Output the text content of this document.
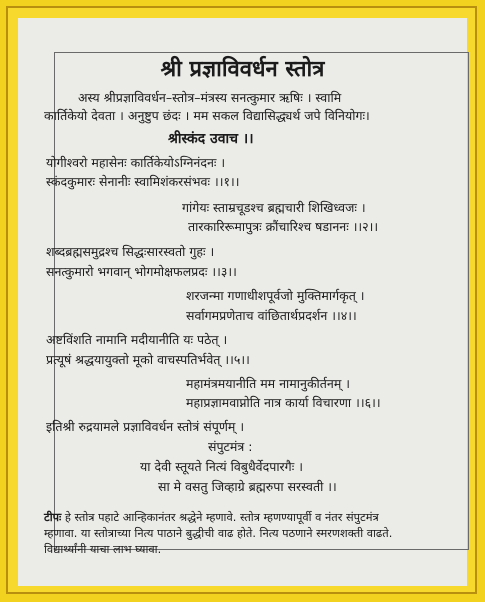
श्री प्रज्ञाविवर्धन स्तोत्र
अस्य श्रीप्रज्ञाविवर्धन–स्तोत्र–मंत्रस्य सनत्कुमार ऋषिः । स्वामि
कार्तिकेयो देवता । अनुष्टुप छंदः । मम सकल विद्यासिद्ध्यर्थ जपे विनियोगः।
श्रीस्कंद उवाच ।।
योगीश्वरो महासेनः कार्तिकेयोऽग्निनंदनः ।
स्कंदकुमारः सेनानीः स्वामिशंकरसंभवः ।।१।।
गांगेयः स्ताम्रचूडश्च ब्रह्मचारी शिखिध्वजः ।
तारकारिरूमापुत्रः क्रौंचारिश्च षडाननः ।।२।।
शब्दब्रह्मसमुद्रश्च सिद्धःसारस्वतो गुहः ।
सनत्कुमारो भगवान् भोगमोक्षफलप्रदः ।।३।।
शरजन्मा गणाधीशपूर्वजो मुक्तिमार्गकृत् ।
सर्वागमप्रणेताच वांछितार्थप्रदर्शन ।।४।।
अष्टविंशति नामानि मदीयानीति यः पठेत् ।
प्रत्यूषं श्रद्धयायुक्तो मूको वाचस्पतिर्भवेत् ।।५।।
महामंत्रमयानीति मम नामानुकीर्तनम् ।
महाप्रज्ञामवाप्नोति नात्र कार्या विचारणा ।।६।।
इतिश्री रुद्रयामले प्रज्ञाविवर्धन स्तोत्रं संपूर्णम् ।
संपुटमंत्र :
या देवी स्तूयते नित्यं विबुधैर्वेदपारगैः ।
सा मे वसतु जिव्हाग्रे ब्रह्मरुपा सरस्वती ।।
टीपः हे स्तोत्र पहाटे आन्हिकानंतर श्रद्धेने म्हणावे. स्तोत्र म्हणण्यापूर्वी व नंतर संपुटमंत्र
म्हणावा. या स्तोत्राच्या नित्य पाठाने बुद्धीची वाढ होते. नित्य पठणाने स्मरणशक्ती वाढते.
विद्यार्थ्यांनी याचा लाभ घ्यावा.
